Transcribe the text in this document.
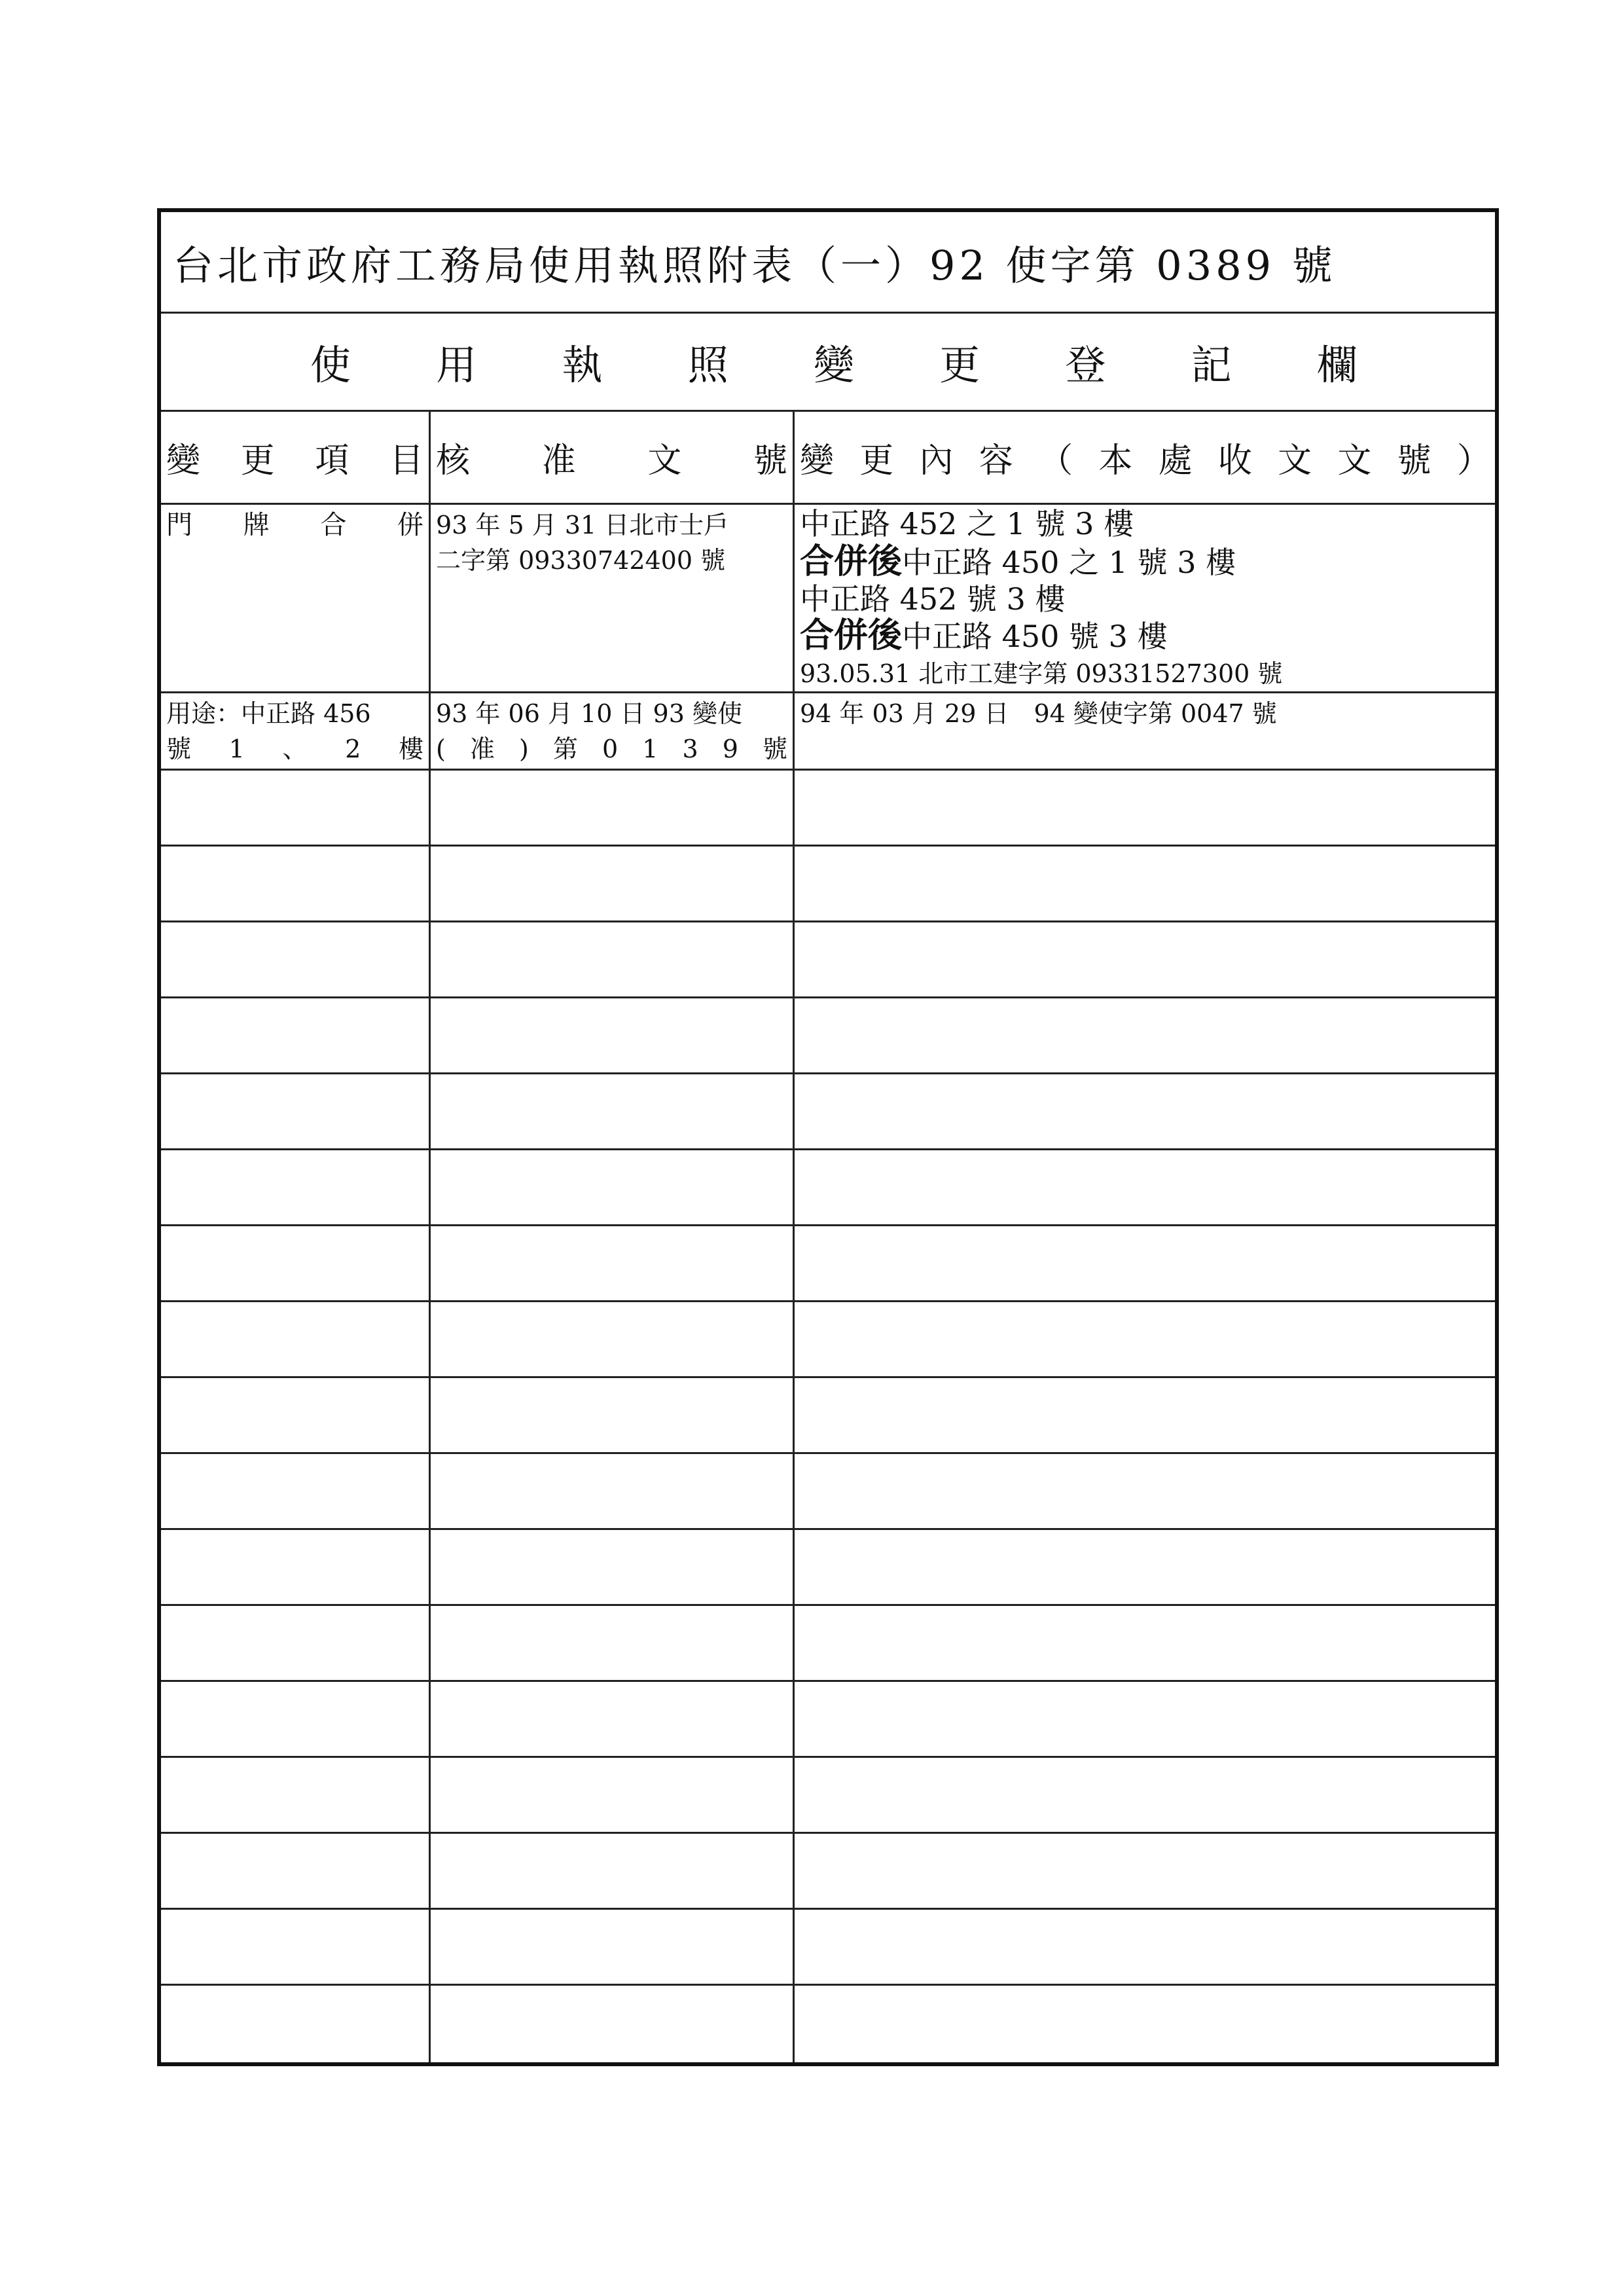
台北市政府工務局使用執照附表（一）92 使字第 0389 號
使 用 執 照 變 更 登 記 欄
變 更 項 目 核 准 文 號 變 更 內 容 （ 本 處 收 文 文 號 ）
門 牌 合 併 93 年 5 月 31 日北市士戶
二字第 09330742400 號
中正路 452 之 1 號 3 樓
合併後中正路 450 之 1 號 3 樓
中正路 452 號 3 樓
合併後中正路 450 號 3 樓
93.05.31 北市工建字第 09331527300 號
用途：中正路 456
號 1 、 2 樓
93 年 06 月 10 日 93 變使
( 准 ) 第 0 1 3 9 號
94 年 03 月 29 日　94 變使字第 0047 號
